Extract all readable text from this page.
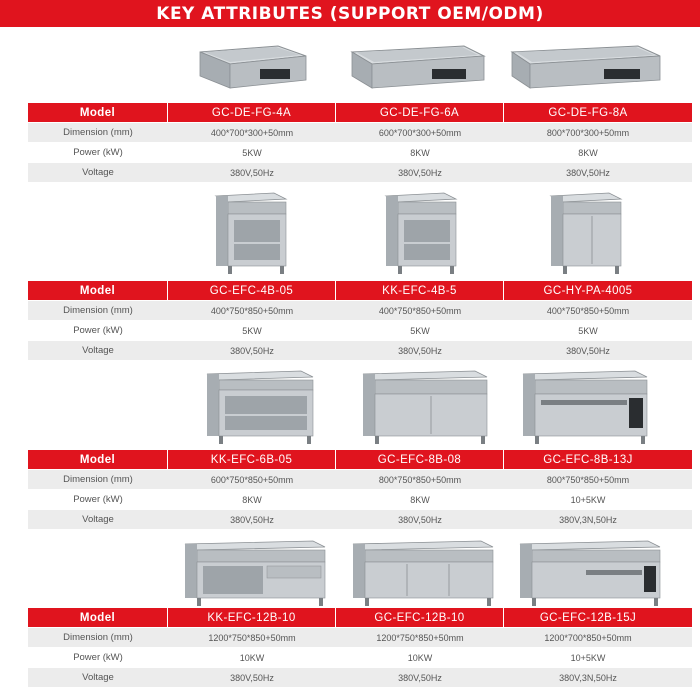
KEY ATTRIBUTES (SUPPORT OEM/ODM)
Model	GC-DE-FG-4A	GC-DE-FG-6A	GC-DE-FG-8A
Dimension (mm)	400*700*300+50mm	600*700*300+50mm	800*700*300+50mm
Power (kW)	5KW	8KW	8KW
Voltage	380V,50Hz	380V,50Hz	380V,50Hz
Model	GC-EFC-4B-05	KK-EFC-4B-5	GC-HY-PA-4005
Dimension (mm)	400*750*850+50mm	400*750*850+50mm	400*750*850+50mm
Power (kW)	5KW	5KW	5KW
Voltage	380V,50Hz	380V,50Hz	380V,50Hz
Model	KK-EFC-6B-05	GC-EFC-8B-08	GC-EFC-8B-13J
Dimension (mm)	600*750*850+50mm	800*750*850+50mm	800*750*850+50mm
Power (kW)	8KW	8KW	10+5KW
Voltage	380V,50Hz	380V,50Hz	380V,3N,50Hz
Model	KK-EFC-12B-10	GC-EFC-12B-10	GC-EFC-12B-15J
Dimension (mm)	1200*750*850+50mm	1200*750*850+50mm	1200*700*850+50mm
Power (kW)	10KW	10KW	10+5KW
Voltage	380V,50Hz	380V,50Hz	380V,3N,50Hz
